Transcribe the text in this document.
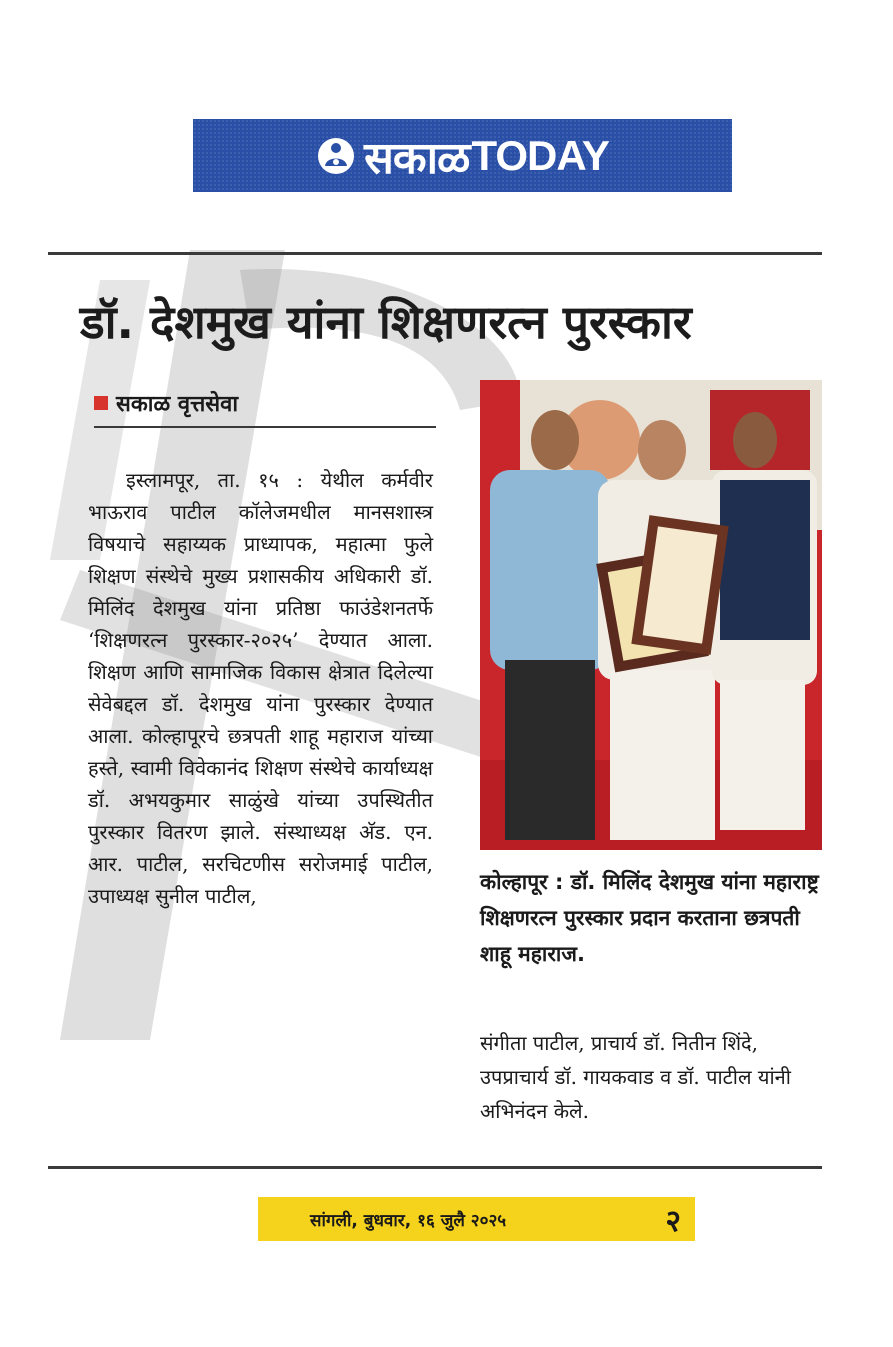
सकाळ TODAY
डॉ. देशमुख यांना शिक्षणरत्न पुरस्कार
सकाळ वृत्तसेवा

इस्लामपूर, ता. १५ : येथील कर्मवीर भाऊराव पाटील कॉलेजमधील मानसशास्त्र विषयाचे सहाय्यक प्राध्यापक, महात्मा फुले शिक्षण संस्थेचे मुख्य प्रशासकीय अधिकारी डॉ. मिलिंद देशमुख यांना प्रतिष्ठा फाउंडेशनतर्फे ‘शिक्षणरत्न पुरस्कार-२०२५’ देण्यात आला. शिक्षण आणि सामाजिक विकास क्षेत्रात दिलेल्या सेवेबद्दल डॉ. देशमुख यांना पुरस्कार देण्यात आला. कोल्हापूरचे छत्रपती शाहू महाराज यांच्या हस्ते, स्वामी विवेकानंद शिक्षण संस्थेचे कार्याध्यक्ष डॉ. अभयकुमार साळुंखे यांच्या उपस्थितीत पुरस्कार वितरण झाले. संस्थाध्यक्ष अ‍ॅड. एन. आर. पाटील, सरचिटणीस सरोजमाई पाटील, उपाध्यक्ष सुनील पाटील,

कोल्हापूर : डॉ. मिलिंद देशमुख यांना महाराष्ट्र शिक्षणरत्न पुरस्कार प्रदान करताना छत्रपती शाहू महाराज.
संगीता पाटील, प्राचार्य डॉ. नितीन शिंदे, उपप्राचार्य डॉ. गायकवाड व डॉ. पाटील यांनी अभिनंदन केले.
सांगली, बुधवार, १६ जुलै २०२५	२
